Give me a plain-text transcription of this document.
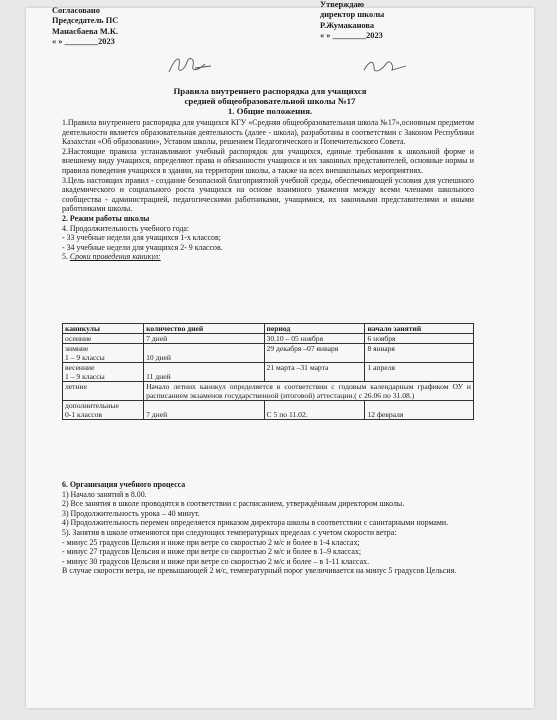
Согласовано
Председатель ПС
Манасбаева М.К.
« » ________2023
Утверждаю
директор школы
Р.Жумаканова
« » ________2023
Правила внутреннего распорядка для учащихся
средней общеобразовательной школы №17
1. Общие положения.

1.Правила внутреннего распорядка для учащихся КГУ «Средняя общеобразовательная школа №17»,основным предметом деятельности является образовательная деятельность (далее - школа), разработаны в соответствии с Законом Республики Казахстан «Об образовании», Уставом школы, решением Педагогического и Попечительского Совета.

2.Настоящие правила устанавливают учебный распорядок для учащихся, единые требования к школьной форме и внешнему виду учащихся, определяют права и обязанности учащихся и их законных представителей, основные нормы и правила поведения учащихся в здании, на территории школы, а также на всех внешкольных мероприятиях.

3.Цель настоящих правил - создание безопасной благоприятной учебной среды, обеспечивающей условия для успешного академического и социального роста учащихся на основе взаимного уважения между всеми членами школьного сообщества - администрацией, педагогическими работниками, учащимися, их законными представителями и иными работниками школы.

2. Режим работы школы

4. Продолжительность учебного года:

- 33 учебные недели для учащихся 1-х классов;

- 34 учебные недели для учащихся 2- 9 классов.

5. Сроки проведения каникул:

каникулы	количество дней	период	начало занятий
осенние	7 дней	30.10 – 05 ноября	6 ноября

зимние
1 – 9 классы	10 дней	29 декабря –07 января	8 января

весенние
1 – 9 классы	11 дней	21 марта –31 марта	1 апреля
летние	Начало летних каникул определяется в соответствии с годовым календарным графиком ОУ и расписанием экзаменов государственной (итоговой) аттестации.( с 26.06 по 31.08.)		

дополнительные
0-1 классов	7 дней	С 5 по 11.02.	12 февраля

6. Организация учебного процесса

1) Начало занятий в 8.00.

2) Все занятия в школе проводятся в соответствии с расписанием, утверждённым директором школы.

3) Продолжительность урока – 40 минут.

4) Продолжительность перемен определяется приказом директора школы в соответствии с санитарными нормами.

5). Занятия в школе отменяются при следующих температурных пределах с учетом скорости ветра:

- минус 25 градусов Цельсия и ниже при ветре со скоростью 2 м/с и более в 1-4 классах;

- минус 27 градусов Цельсия и ниже при ветре со скоростью 2 м/с и более в 1–9 классах;

- минус 30 градусов Цельсия и ниже при ветре со скоростью 2 м/с и более – в 1-11 классах.

В случае скорости ветра, не превышающей 2 м/с, температурный порог увеличивается на минус 5 градусов Цельсия.
